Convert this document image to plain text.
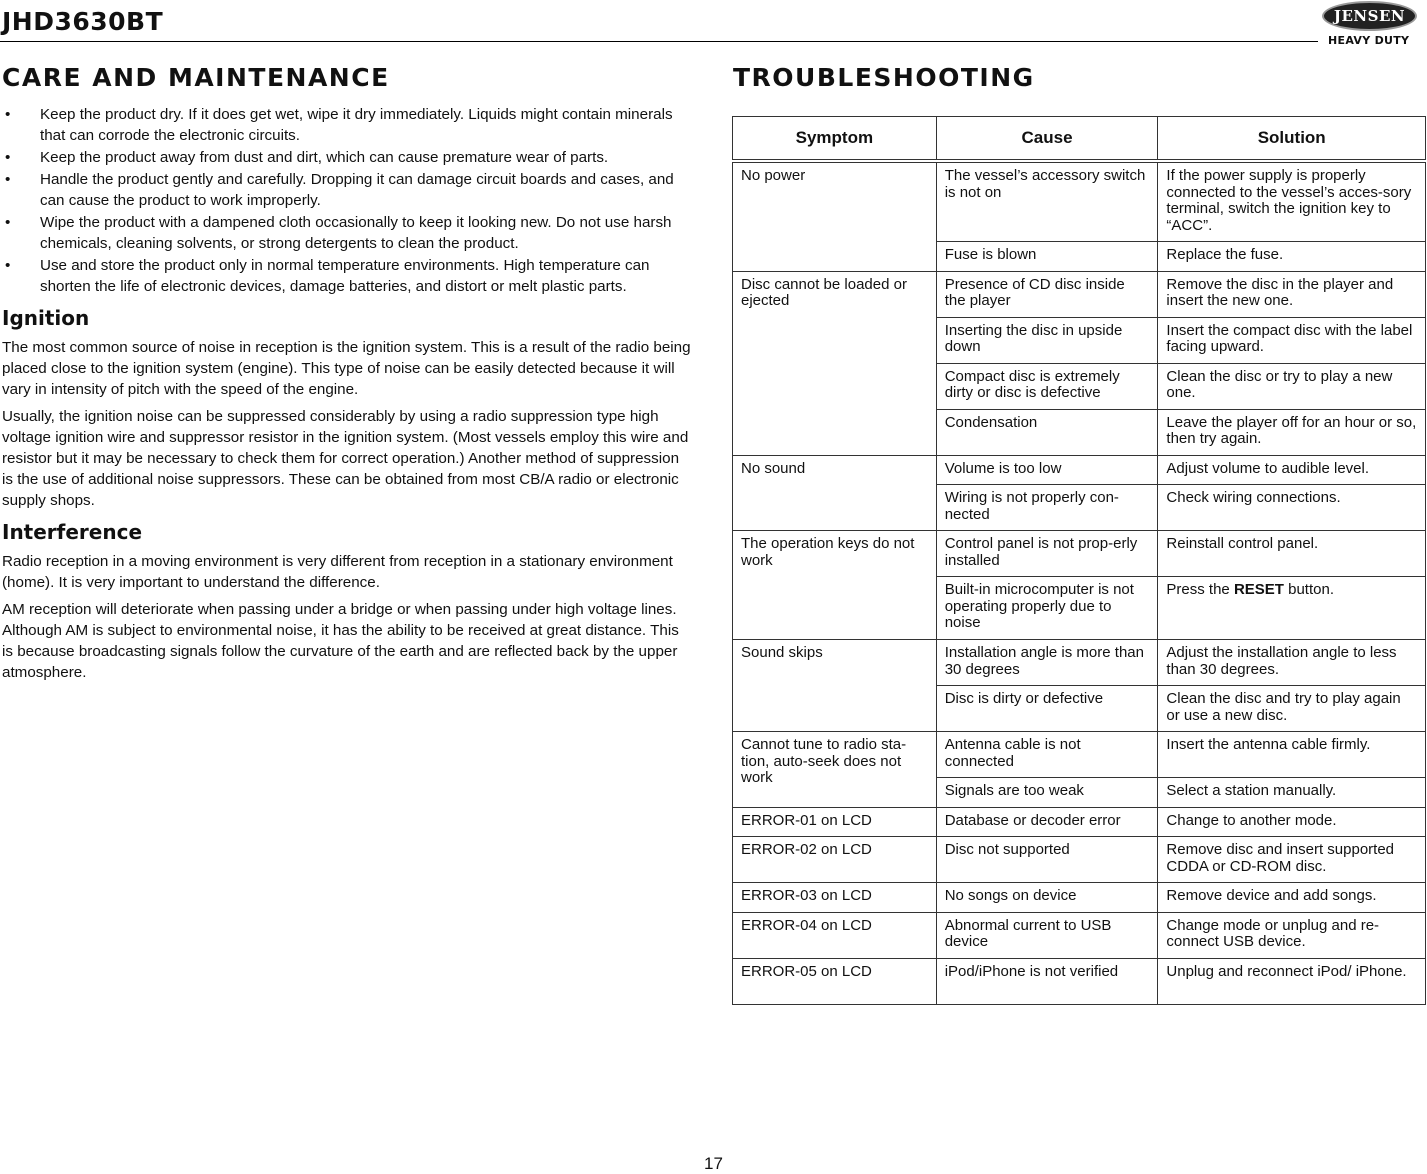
JHD3630BT	JENSEN
HEAVY DUTY
CARE AND MAINTENANCE	TROUBLESHOOTING
• Keep the product dry. If it does get wet, wipe it dry immediately. Liquids might contain minerals that can corrode the electronic circuits.
• Keep the product away from dust and dirt, which can cause premature wear of parts.
• Handle the product gently and carefully. Dropping it can damage circuit boards and cases, and can cause the product to work improperly.
• Wipe the product with a dampened cloth occasionally to keep it looking new. Do not use harsh chemicals, cleaning solvents, or strong detergents to clean the product.
• Use and store the product only in normal temperature environments. High temperature can shorten the life of electronic devices, damage batteries, and distort or melt plastic parts.
Ignition

The most common source of noise in reception is the ignition system. This is a result of the radio being placed close to the ignition system (engine). This type of noise can be easily detected because it will vary in intensity of pitch with the speed of the engine.

Usually, the ignition noise can be suppressed considerably by using a radio suppression type high voltage ignition wire and suppressor resistor in the ignition system. (Most vessels employ this wire and resistor but it may be necessary to check them for correct operation.) Another method of suppression is the use of additional noise suppressors. These can be obtained from most CB/A radio or electronic supply shops.

Interference

Radio reception in a moving environment is very different from reception in a stationary environment (home). It is very important to understand the difference.

AM reception will deteriorate when passing under a bridge or when passing under high voltage lines. Although AM is subject to environmental noise, it has the ability to be received at great distance. This is because broadcasting signals follow the curvature of the earth and are reflected back by the upper atmosphere.

Symptom	Cause	Solution
No power	The vessel’s accessory switch is not on	If the power supply is properly connected to the vessel’s acces-sory terminal, switch the ignition key to “ACC”.
	Fuse is blown	Replace the fuse.
Disc cannot be loaded or ejected	Presence of CD disc inside the player	Remove the disc in the player and insert the new one.
	Inserting the disc in upside down	Insert the compact disc with the label facing upward.
	Compact disc is extremely dirty or disc is defective	Clean the disc or try to play a new one.
	Condensation	Leave the player off for an hour or so, then try again.
No sound	Volume is too low	Adjust volume to audible level.
	Wiring is not properly con-nected	Check wiring connections.
The operation keys do not work	Control panel is not prop-erly installed	Reinstall control panel.
	Built-in microcomputer is not operating properly due to noise	Press the RESET button.
Sound skips	Installation angle is more than 30 degrees	Adjust the installation angle to less than 30 degrees.
	Disc is dirty or defective	Clean the disc and try to play again or use a new disc.
Cannot tune to radio sta-tion, auto-seek does not work	Antenna cable is not connected	Insert the antenna cable firmly.
	Signals are too weak	Select a station manually.
ERROR-01 on LCD	Database or decoder error	Change to another mode.
ERROR-02 on LCD	Disc not supported	Remove disc and insert supported CDDA or CD-ROM disc.
ERROR-03 on LCD	No songs on device	Remove device and add songs.
ERROR-04 on LCD	Abnormal current to USB device	Change mode or unplug and re-connect USB device.
ERROR-05 on LCD	iPod/iPhone is not verified	Unplug and reconnect iPod/ iPhone.
17
